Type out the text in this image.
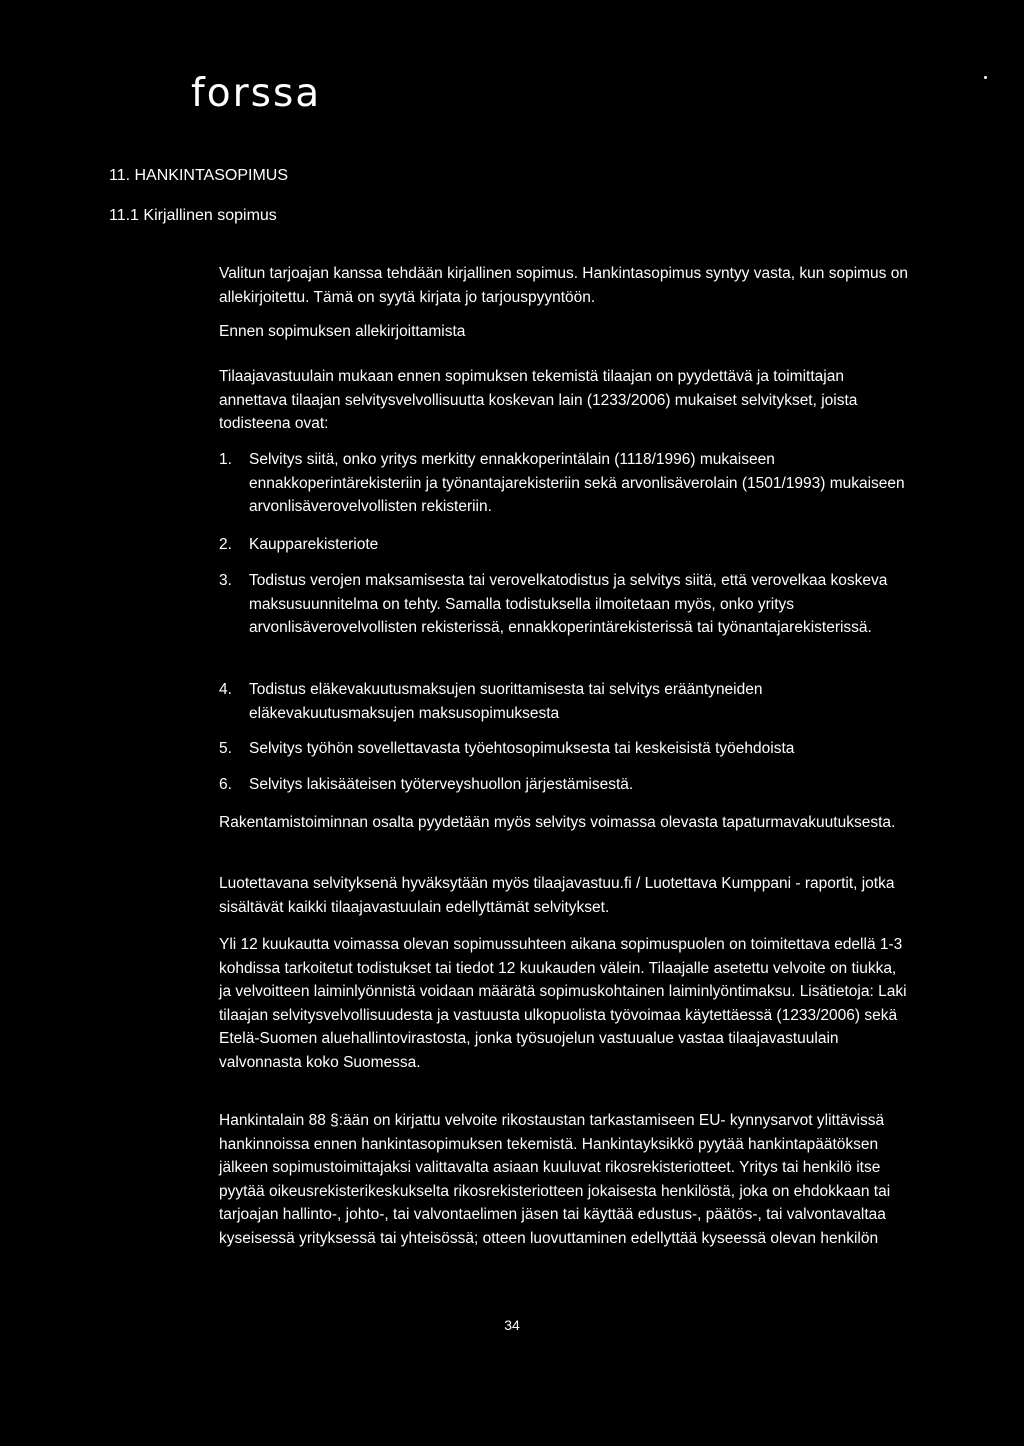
forssa
11. HANKINTASOPIMUS
11.1 Kirjallinen sopimus

Valitun tarjoajan kanssa tehdään kirjallinen sopimus. Hankintasopimus syntyy vasta, kun sopimus on allekirjoitettu. Tämä on syytä kirjata jo tarjouspyyntöön.

Ennen sopimuksen allekirjoittamista

Tilaajavastuulain mukaan ennen sopimuksen tekemistä tilaajan on pyydettävä ja toimittajan annettava tilaajan selvitysvelvollisuutta koskevan lain (1233/2006) mukaiset selvitykset, joista todisteena ovat:

1.	Selvitys siitä, onko yritys merkitty ennakkoperintälain (1118/1996) mukaiseen ennakkoperintärekisteriin ja työnantajarekisteriin sekä arvonlisäverolain (1501/1993) mukaiseen arvonlisäverovelvollisten rekisteriin.
2.	Kaupparekisteriote
3.	Todistus verojen maksamisesta tai verovelkatodistus ja selvitys siitä, että verovelkaa koskeva maksusuunnitelma on tehty. Samalla todistuksella ilmoitetaan myös, onko yritys arvonlisäverovelvollisten rekisterissä, ennakkoperintärekisterissä tai työnantajarekisterissä.
4.	Todistus eläkevakuutusmaksujen suorittamisesta tai selvitys erääntyneiden eläkevakuutusmaksujen maksusopimuksesta
5.	Selvitys työhön sovellettavasta työehtosopimuksesta tai keskeisistä työehdoista
6.	Selvitys lakisääteisen työterveyshuollon järjestämisestä.

Rakentamistoiminnan osalta pyydetään myös selvitys voimassa olevasta tapaturmavakuutuksesta.

Luotettavana selvityksenä hyväksytään myös tilaajavastuu.fi / Luotettava Kumppani - raportit, jotka sisältävät kaikki tilaajavastuulain edellyttämät selvitykset.

Yli 12 kuukautta voimassa olevan sopimussuhteen aikana sopimuspuolen on toimitettava edellä 1-3 kohdissa tarkoitetut todistukset tai tiedot 12 kuukauden välein. Tilaajalle asetettu velvoite on tiukka, ja velvoitteen laiminlyönnistä voidaan määrätä sopimuskohtainen laiminlyöntimaksu. Lisätietoja: Laki tilaajan selvitysvelvollisuudesta ja vastuusta ulkopuolista työvoimaa käytettäessä (1233/2006) sekä Etelä-Suomen aluehallintovirastosta, jonka työsuojelun vastuualue vastaa tilaajavastuulain valvonnasta koko Suomessa.

Hankintalain 88 §:ään on kirjattu velvoite rikostaustan tarkastamiseen EU- kynnysarvot ylittävissä hankinnoissa ennen hankintasopimuksen tekemistä. Hankintayksikkö pyytää hankintapäätöksen jälkeen sopimustoimittajaksi valittavalta asiaan kuuluvat rikosrekisteriotteet. Yritys tai henkilö itse pyytää oikeusrekisterikeskukselta rikosrekisteriotteen jokaisesta henkilöstä, joka on ehdokkaan tai tarjoajan hallinto-, johto-, tai valvontaelimen jäsen tai käyttää edustus-, päätös-, tai valvontavaltaa kyseisessä yrityksessä tai yhteisössä; otteen luovuttaminen edellyttää kyseessä olevan henkilön

34
